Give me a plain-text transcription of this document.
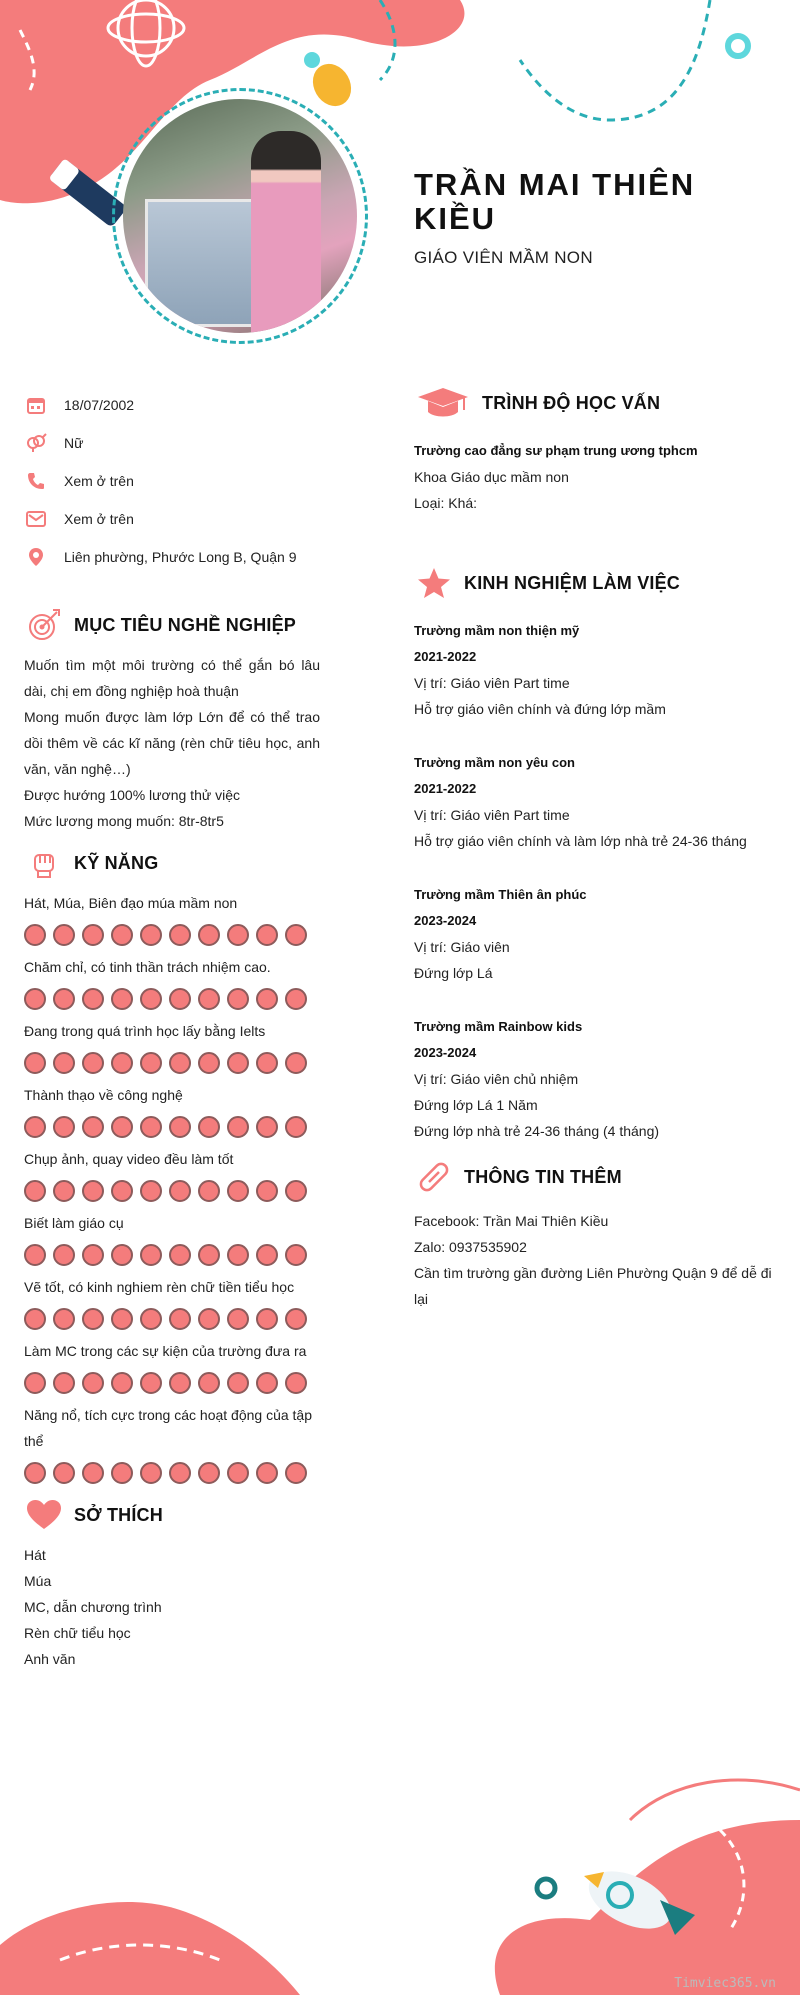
TRẦN MAI THIÊN
KIỀU
GIÁO VIÊN MẦM NON
18/07/2002
Nữ
Xem ở trên
Xem ở trên
Liên phường, Phước Long B, Quận 9
MỤC TIÊU NGHỀ NGHIỆP
Muốn tìm một môi trường có thể gắn bó lâu dài, chị em đồng nghiệp hoà thuận
Mong muốn được làm lớp Lớn để có thể trao dồi thêm về các kĩ năng (rèn chữ tiêu học, anh văn, văn nghệ…)
Được hướng 100% lương thử việc
Mức lương mong muốn: 8tr-8tr5
KỸ NĂNG
Hát, Múa, Biên đạo múa mầm non
Chăm chỉ, có tinh thần trách nhiệm cao.
Đang trong quá trình học lấy bằng Ielts
Thành thạo về công nghệ
Chụp ảnh, quay video đều làm tốt
Biết làm giáo cụ
Vẽ tốt, có kinh nghiem rèn chữ tiền tiểu học
Làm MC trong các sự kiện của trường đưa ra
Năng nổ, tích cực trong các hoạt động của tập thể
SỞ THÍCH
Hát
Múa
MC, dẫn chương trình
Rèn chữ tiểu học
Anh văn
TRÌNH ĐỘ HỌC VẤN
Trường cao đẳng sư phạm trung ương tphcm
Khoa Giáo dục mầm non
Loại: Khá:
KINH NGHIỆM LÀM VIỆC
Trường mầm non thiện mỹ
2021-2022
Vị trí: Giáo viên Part time
Hỗ trợ giáo viên chính và đứng lớp mầm
Trường mầm non yêu con
2021-2022
Vị trí: Giáo viên Part time
Hỗ trợ giáo viên chính và làm lớp nhà trẻ 24-36 tháng
Trường mầm Thiên ân phúc
2023-2024
Vị trí: Giáo viên
Đứng lớp Lá
Trường mầm Rainbow kids
2023-2024
Vị trí: Giáo viên chủ nhiệm
Đứng lớp Lá 1 Năm
Đứng lớp nhà trẻ 24-36 tháng (4 tháng)
THÔNG TIN THÊM
Facebook: Trần Mai Thiên Kiều
Zalo: 0937535902
Cần tìm trường gần đường Liên Phường Quận 9 để dễ đi lại
Timviec365.vn
